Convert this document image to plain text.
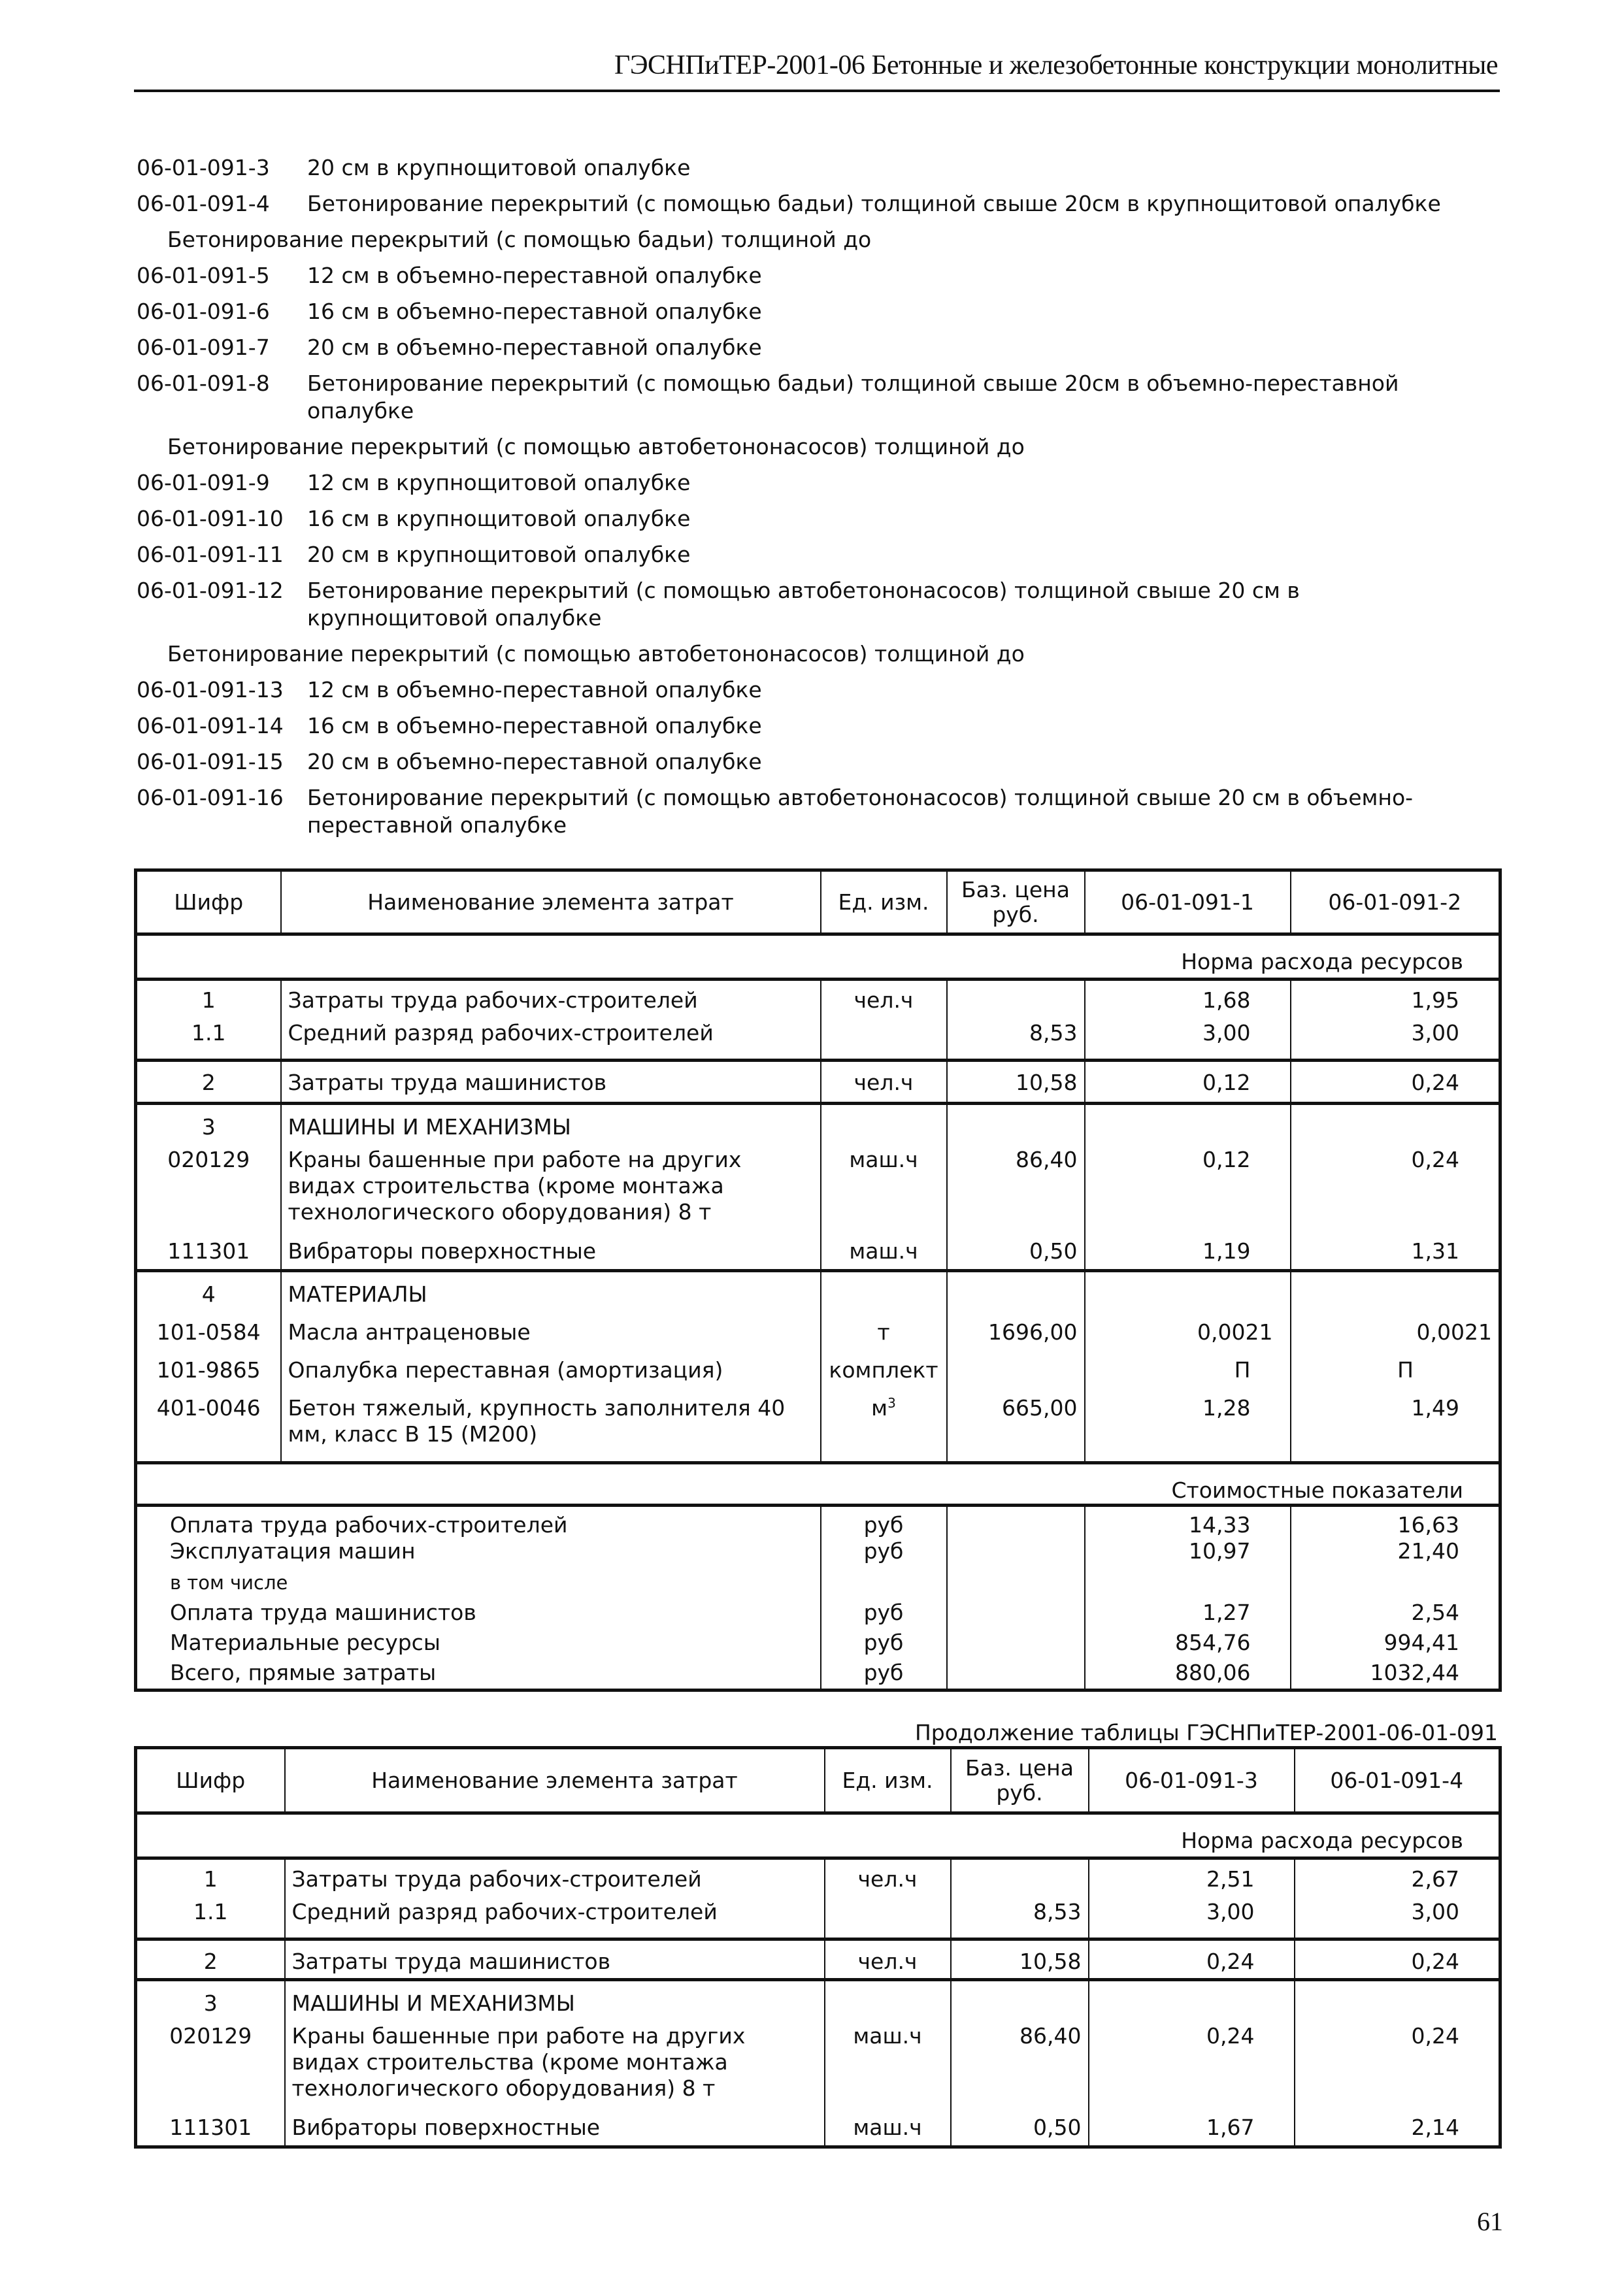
ГЭСНПиТЕР-2001-06 Бетонные и железобетонные конструкции монолитные
06-01-091-3	20 см в крупнощитовой опалубке
06-01-091-4	Бетонирование перекрытий (с помощью бадьи) толщиной свыше 20см в крупнощитовой опалубке
Бетонирование перекрытий (с помощью бадьи) толщиной до
06-01-091-5	12 см в объемно-переставной опалубке
06-01-091-6	16 см в объемно-переставной опалубке
06-01-091-7	20 см в объемно-переставной опалубке
06-01-091-8	Бетонирование перекрытий (с помощью бадьи) толщиной свыше 20см в объемно-переставной опалубке
Бетонирование перекрытий (с помощью автобетононасосов) толщиной до
06-01-091-9	12 см в крупнощитовой опалубке
06-01-091-10	16 см в крупнощитовой опалубке
06-01-091-11	20 см в крупнощитовой опалубке
06-01-091-12	Бетонирование перекрытий (с помощью автобетононасосов) толщиной свыше 20 см в крупнощитовой опалубке
Бетонирование перекрытий (с помощью автобетононасосов) толщиной до
06-01-091-13	12 см в объемно-переставной опалубке
06-01-091-14	16 см в объемно-переставной опалубке
06-01-091-15	20 см в объемно-переставной опалубке
06-01-091-16	Бетонирование перекрытий (с помощью автобетононасосов) толщиной свыше 20 см в объемно-переставной опалубке
Шифр	Наименование элемента затрат	Ед. изм.	Баз. цена руб.	06-01-091-1	06-01-091-2
Норма расхода ресурсов					
1	Затраты труда рабочих-строителей	чел.ч		1,68	1,95
1.1	Средний разряд рабочих-строителей		8,53	3,00	3,00
2	Затраты труда машинистов	чел.ч	10,58	0,12	0,24
3	МАШИНЫ И МЕХАНИЗМЫ				
020129	Краны башенные при работе на других видах строительства (кроме монтажа технологического оборудования) 8 т	маш.ч	86,40	0,12	0,24
111301	Вибраторы поверхностные	маш.ч	0,50	1,19	1,31
4	МАТЕРИАЛЫ				
101-0584	Масла антраценовые	т	1696,00	0,0021	0,0021
101-9865	Опалубка переставная (амортизация)	комплект		П	П
401-0046	Бетон тяжелый, крупность заполнителя 40 мм, класс В 15 (М200)	$м^3$	665,00	1,28	1,49
Стоимостные показатели					
Оплата труда рабочих-строителей		руб		14,33	16,63
Эксплуатация машин		руб		10,97	21,40
в том числе					
Оплата труда машинистов		руб		1,27	2,54
Материальные ресурсы		руб		854,76	994,41
Всего, прямые затраты		руб		880,06	1032,44
Продолжение таблицы ГЭСНПиТЕР-2001-06-01-091
Шифр	Наименование элемента затрат	Ед. изм.	Баз. цена руб.	06-01-091-3	06-01-091-4
Норма расхода ресурсов					
1	Затраты труда рабочих-строителей	чел.ч		2,51	2,67
1.1	Средний разряд рабочих-строителей		8,53	3,00	3,00
2	Затраты труда машинистов	чел.ч	10,58	0,24	0,24
3	МАШИНЫ И МЕХАНИЗМЫ				
020129	Краны башенные при работе на других видах строительства (кроме монтажа технологического оборудования) 8 т	маш.ч	86,40	0,24	0,24
111301	Вибраторы поверхностные	маш.ч	0,50	1,67	2,14
61
